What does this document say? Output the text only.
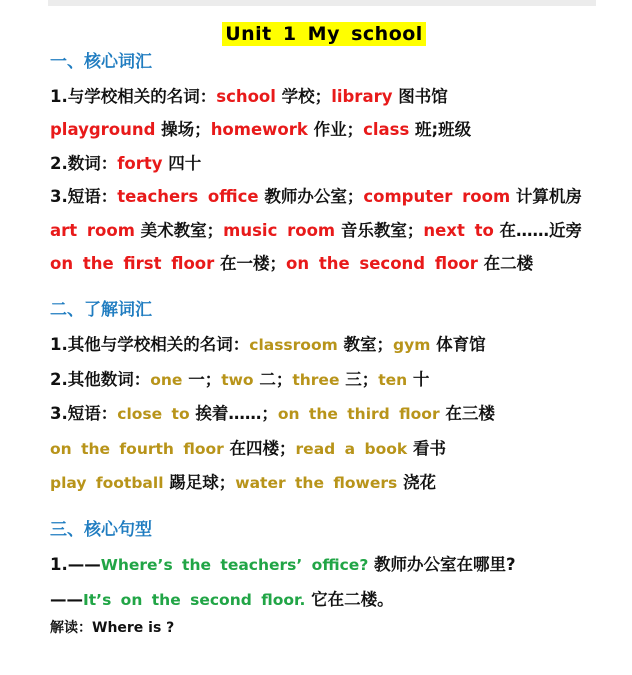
Unit 1 My school
一、核心词汇
1.与学校相关的名词：school 学校；library 图书馆
playground 操场；homework 作业；class 班;班级
2.数词：forty 四十
3.短语：teachers office 教师办公室；computer room 计算机房
art room 美术教室；music room 音乐教室；next to 在……近旁
on the first floor 在一楼；on the second floor 在二楼
二、了解词汇
1.其他与学校相关的名词：classroom 教室；gym 体育馆
2.其他数词：one 一；two 二；three 三；ten 十
3.短语：close to 挨着……；on the third floor 在三楼
on the fourth floor 在四楼；read a book 看书
play football 踢足球；water the flowers 浇花
三、核心句型
1.——Where’s the teachers’ office? 教师办公室在哪里?
——It’s on the second floor. 它在二楼。
解读：Where is ?
